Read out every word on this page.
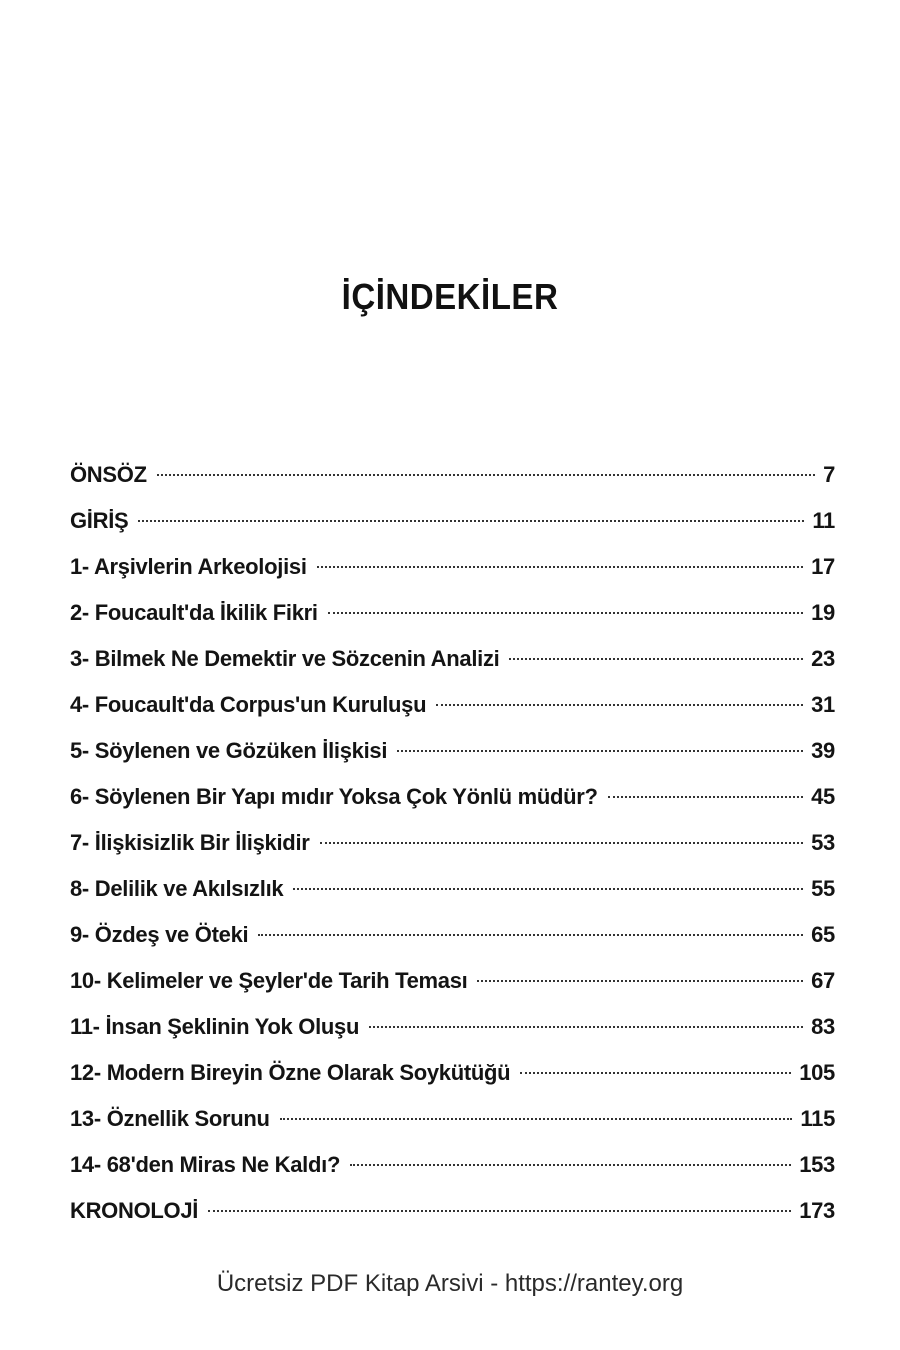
İÇİNDEKİLER
ÖNSÖZ	7
GİRİŞ	11
1- Arşivlerin Arkeolojisi	17
2- Foucault'da İkilik Fikri	19
3- Bilmek Ne Demektir ve Sözcenin Analizi	23
4- Foucault'da Corpus'un Kuruluşu	31
5- Söylenen ve Gözüken İlişkisi	39
6- Söylenen Bir Yapı mıdır Yoksa Çok Yönlü müdür?	45
7- İlişkisizlik Bir İlişkidir	53
8- Delilik ve Akılsızlık	55
9- Özdeş ve Öteki	65
10- Kelimeler ve Şeyler'de Tarih Teması	67
11- İnsan Şeklinin Yok Oluşu	83
12- Modern Bireyin Özne Olarak Soykütüğü	105
13- Öznellik Sorunu	115
14- 68'den Miras Ne Kaldı?	153
KRONOLOJİ	173
Ücretsiz PDF Kitap Arsivi - https://rantey.org
